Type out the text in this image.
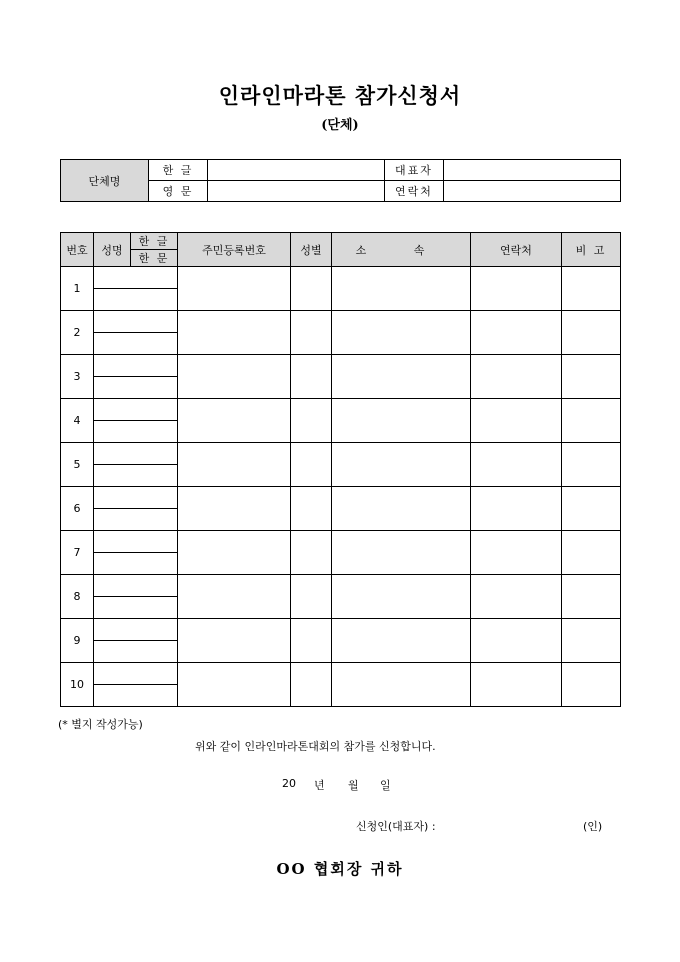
인라인마라톤 참가신청서
(단체)
단체명	한 글		대표자	
	영 문		연락처	
번호	성명	한 글	주민등록번호	성별	소 속	연락처	비 고
		한 문					
1							

2							

3							

4							

5							

6							

7							

8							

9							

10							

(* 별지 작성가능)
위와 같이 인라인마라톤대회의 참가를 신청합니다.
20 년 월 일
신청인(대표자) :	(인)
OO 협회장 귀하
